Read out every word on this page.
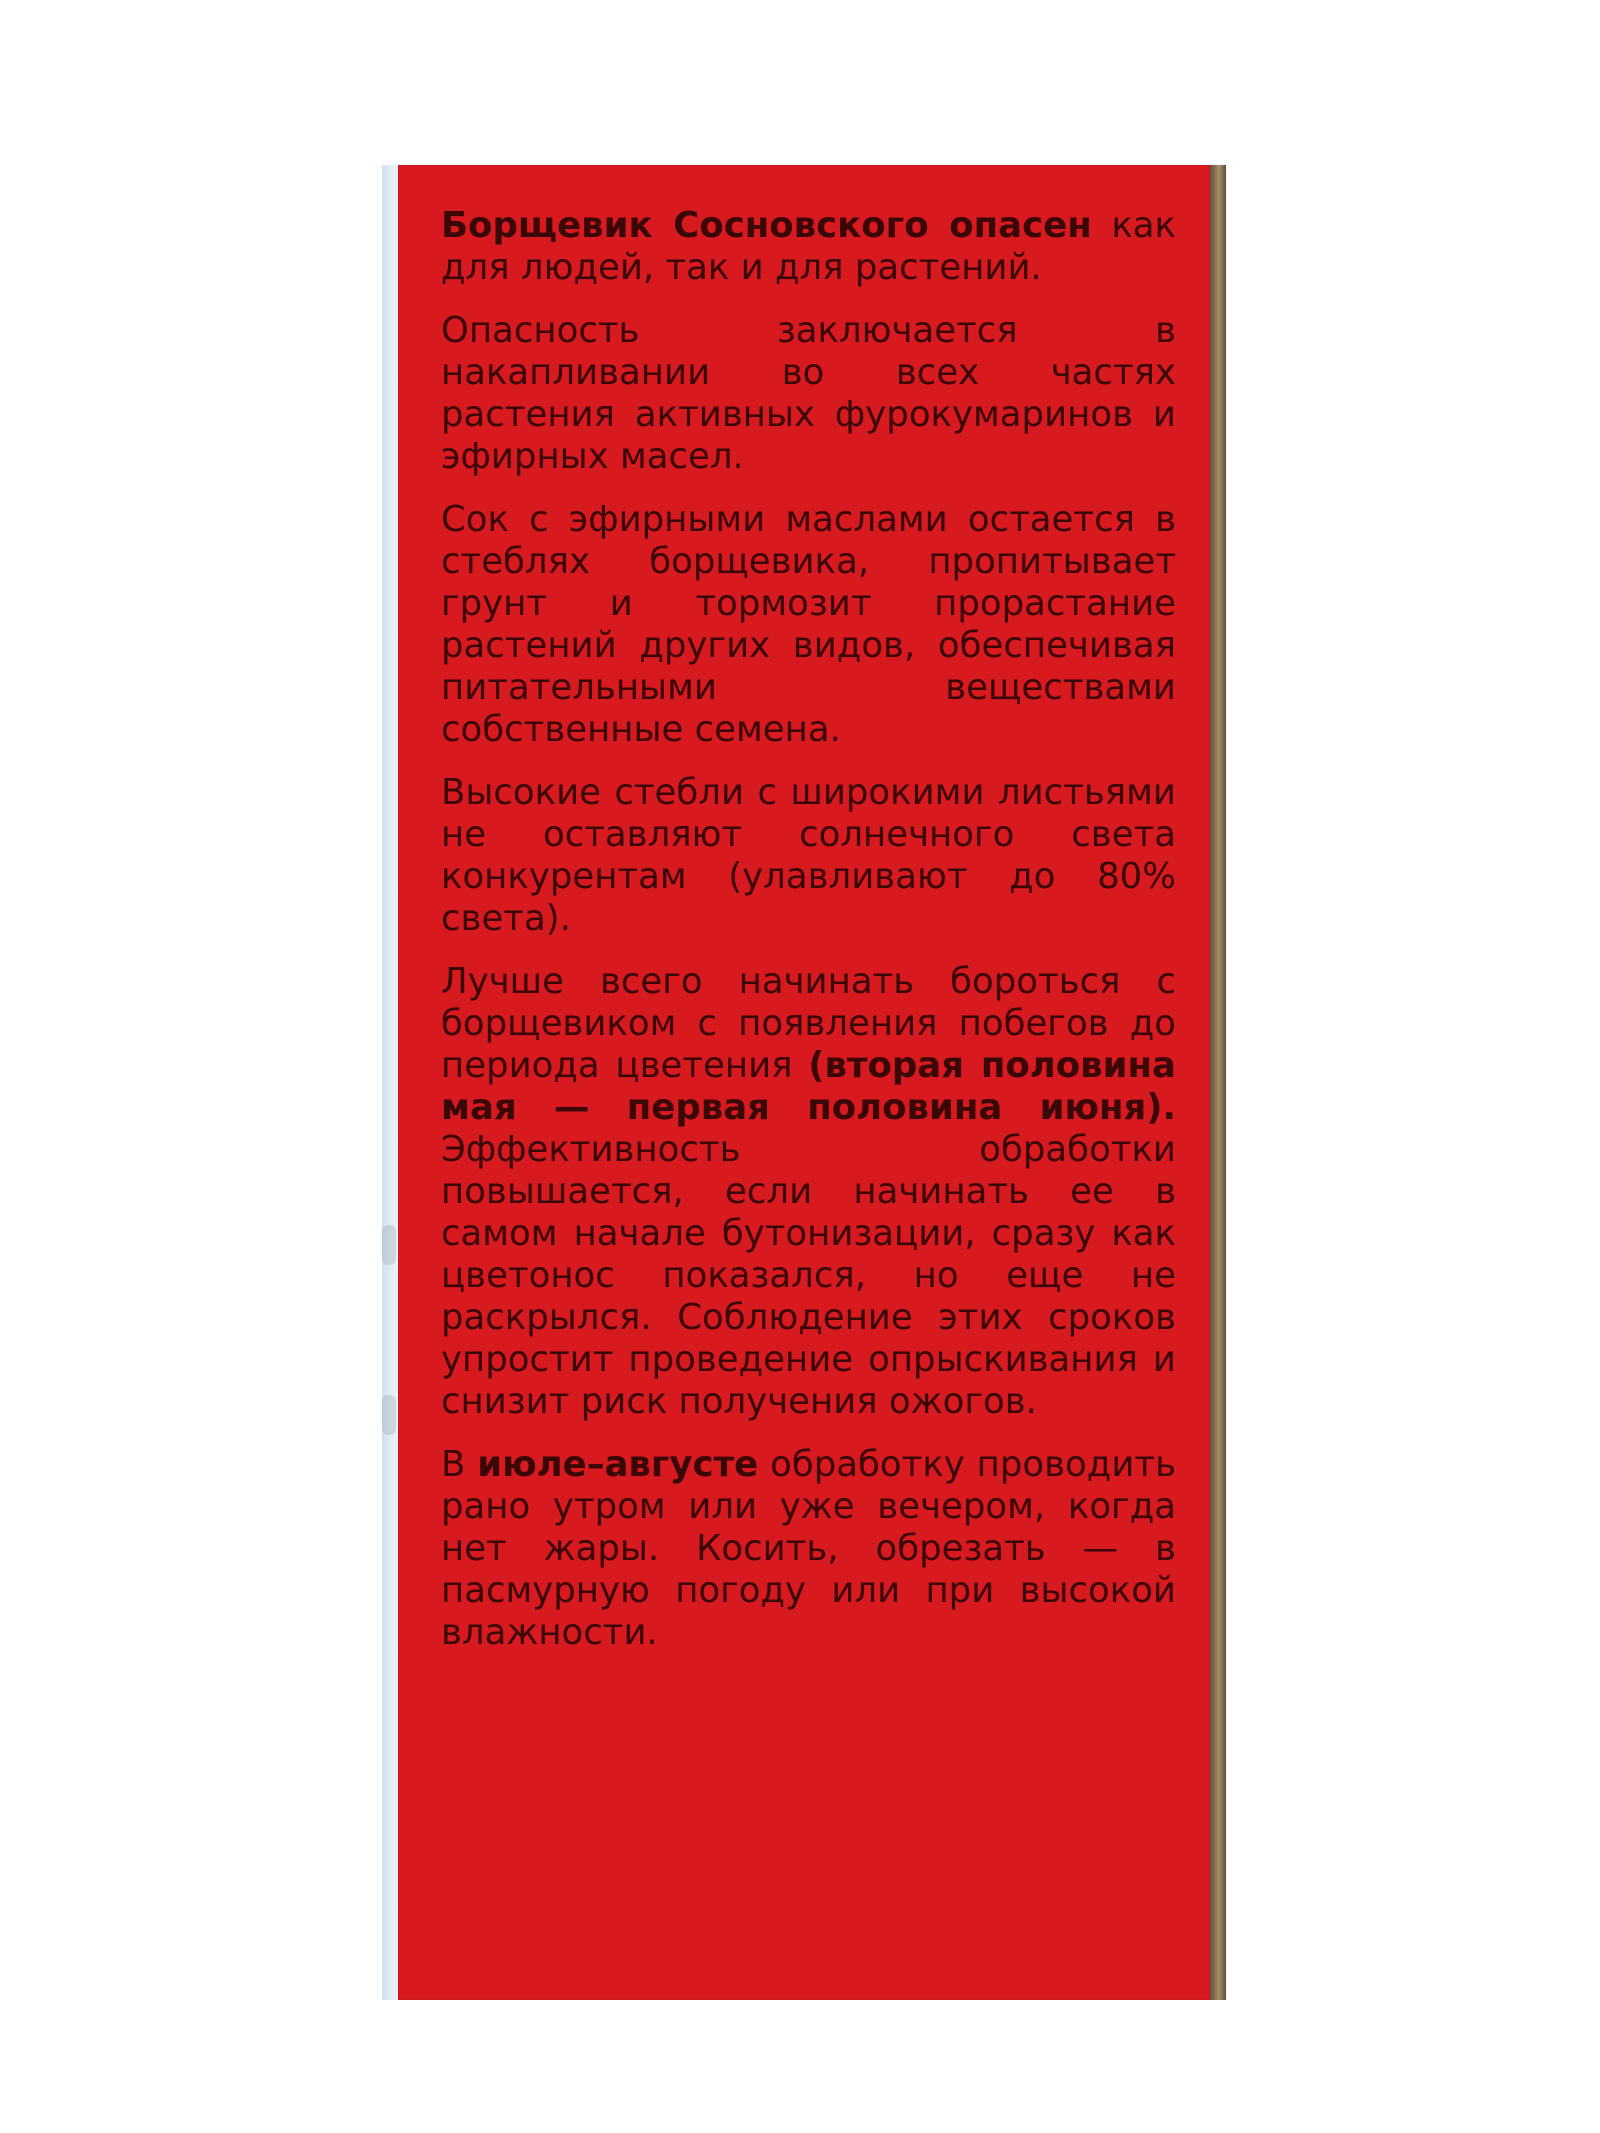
Борщевик Сосновского опасен как для людей, так и для растений.

Опасность заключается в накапливании во всех частях растения активных фурокумаринов и эфирных масел.

Сок с эфирными маслами остается в стеблях борщевика, пропитывает грунт и тормозит прорастание растений других видов, обеспечивая питательными веществами собственные семена.

Высокие стебли с широкими листьями не оставляют солнечного света конкурентам (улавливают до 80% света).

Лучше всего начинать бороться с борщевиком с появления побегов до периода цветения (вторая половина мая — первая половина июня). Эффективность обработки повышается, если начинать ее в самом начале бутонизации, сразу как цветонос показался, но еще не раскрылся. Соблюдение этих сроков упростит проведение опрыскивания и снизит риск получения ожогов.

В июле–августе обработку проводить рано утром или уже вечером, когда нет жары. Косить, обрезать — в пасмурную погоду или при высокой влажности.
